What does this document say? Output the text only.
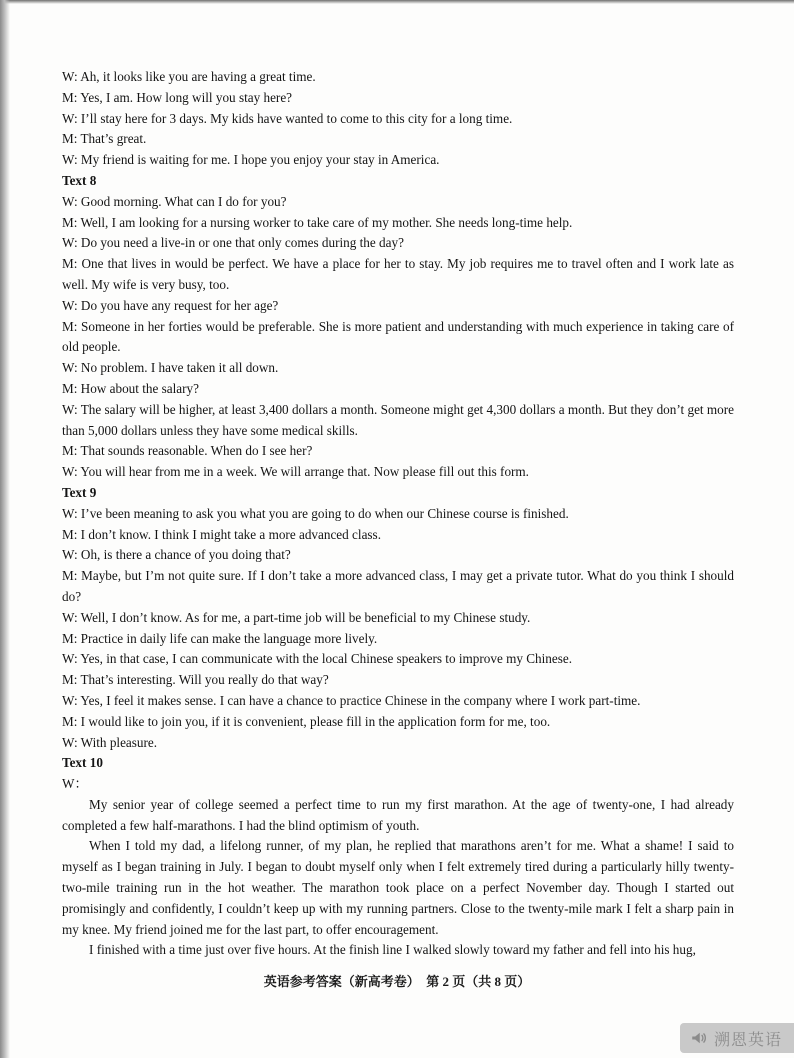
W: Ah, it looks like you are having a great time.
M: Yes, I am. How long will you stay here?
W: I’ll stay here for 3 days. My kids have wanted to come to this city for a long time.
M: That’s great.
W: My friend is waiting for me. I hope you enjoy your stay in America.
Text 8
W: Good morning. What can I do for you?
M: Well, I am looking for a nursing worker to take care of my mother. She needs long-time help.
W: Do you need a live-in or one that only comes during the day?
M: One that lives in would be perfect. We have a place for her to stay. My job requires me to travel often and I work late as well. My wife is very busy, too.
W: Do you have any request for her age?
M: Someone in her forties would be preferable. She is more patient and understanding with much experience in taking care of old people.
W: No problem. I have taken it all down.
M: How about the salary?
W: The salary will be higher, at least 3,400 dollars a month. Someone might get 4,300 dollars a month. But they don’t get more than 5,000 dollars unless they have some medical skills.
M: That sounds reasonable. When do I see her?
W: You will hear from me in a week. We will arrange that. Now please fill out this form.
Text 9
W: I’ve been meaning to ask you what you are going to do when our Chinese course is finished.
M: I don’t know. I think I might take a more advanced class.
W: Oh, is there a chance of you doing that?
M: Maybe, but I’m not quite sure. If I don’t take a more advanced class, I may get a private tutor. What do you think I should do?
W: Well, I don’t know. As for me, a part-time job will be beneficial to my Chinese study.
M: Practice in daily life can make the language more lively.
W: Yes, in that case, I can communicate with the local Chinese speakers to improve my Chinese.
M: That’s interesting. Will you really do that way?
W: Yes, I feel it makes sense. I can have a chance to practice Chinese in the company where I work part-time.
M: I would like to join you, if it is convenient, please fill in the application form for me, too.
W: With pleasure.
Text 10
W：
My senior year of college seemed a perfect time to run my first marathon. At the age of twenty-one, I had already completed a few half-marathons. I had the blind optimism of youth.
When I told my dad, a lifelong runner, of my plan, he replied that marathons aren’t for me. What a shame! I said to myself as I began training in July. I began to doubt myself only when I felt extremely tired during a particularly hilly twenty-two-mile training run in the hot weather. The marathon took place on a perfect November day. Though I started out promisingly and confidently, I couldn’t keep up with my running partners. Close to the twenty-mile mark I felt a sharp pain in my knee. My friend joined me for the last part, to offer encouragement.
I finished with a time just over five hours. At the finish line I walked slowly toward my father and fell into his hug,
英语参考答案（新高考卷）　第 2 页（共 8 页）
溯恩英语
